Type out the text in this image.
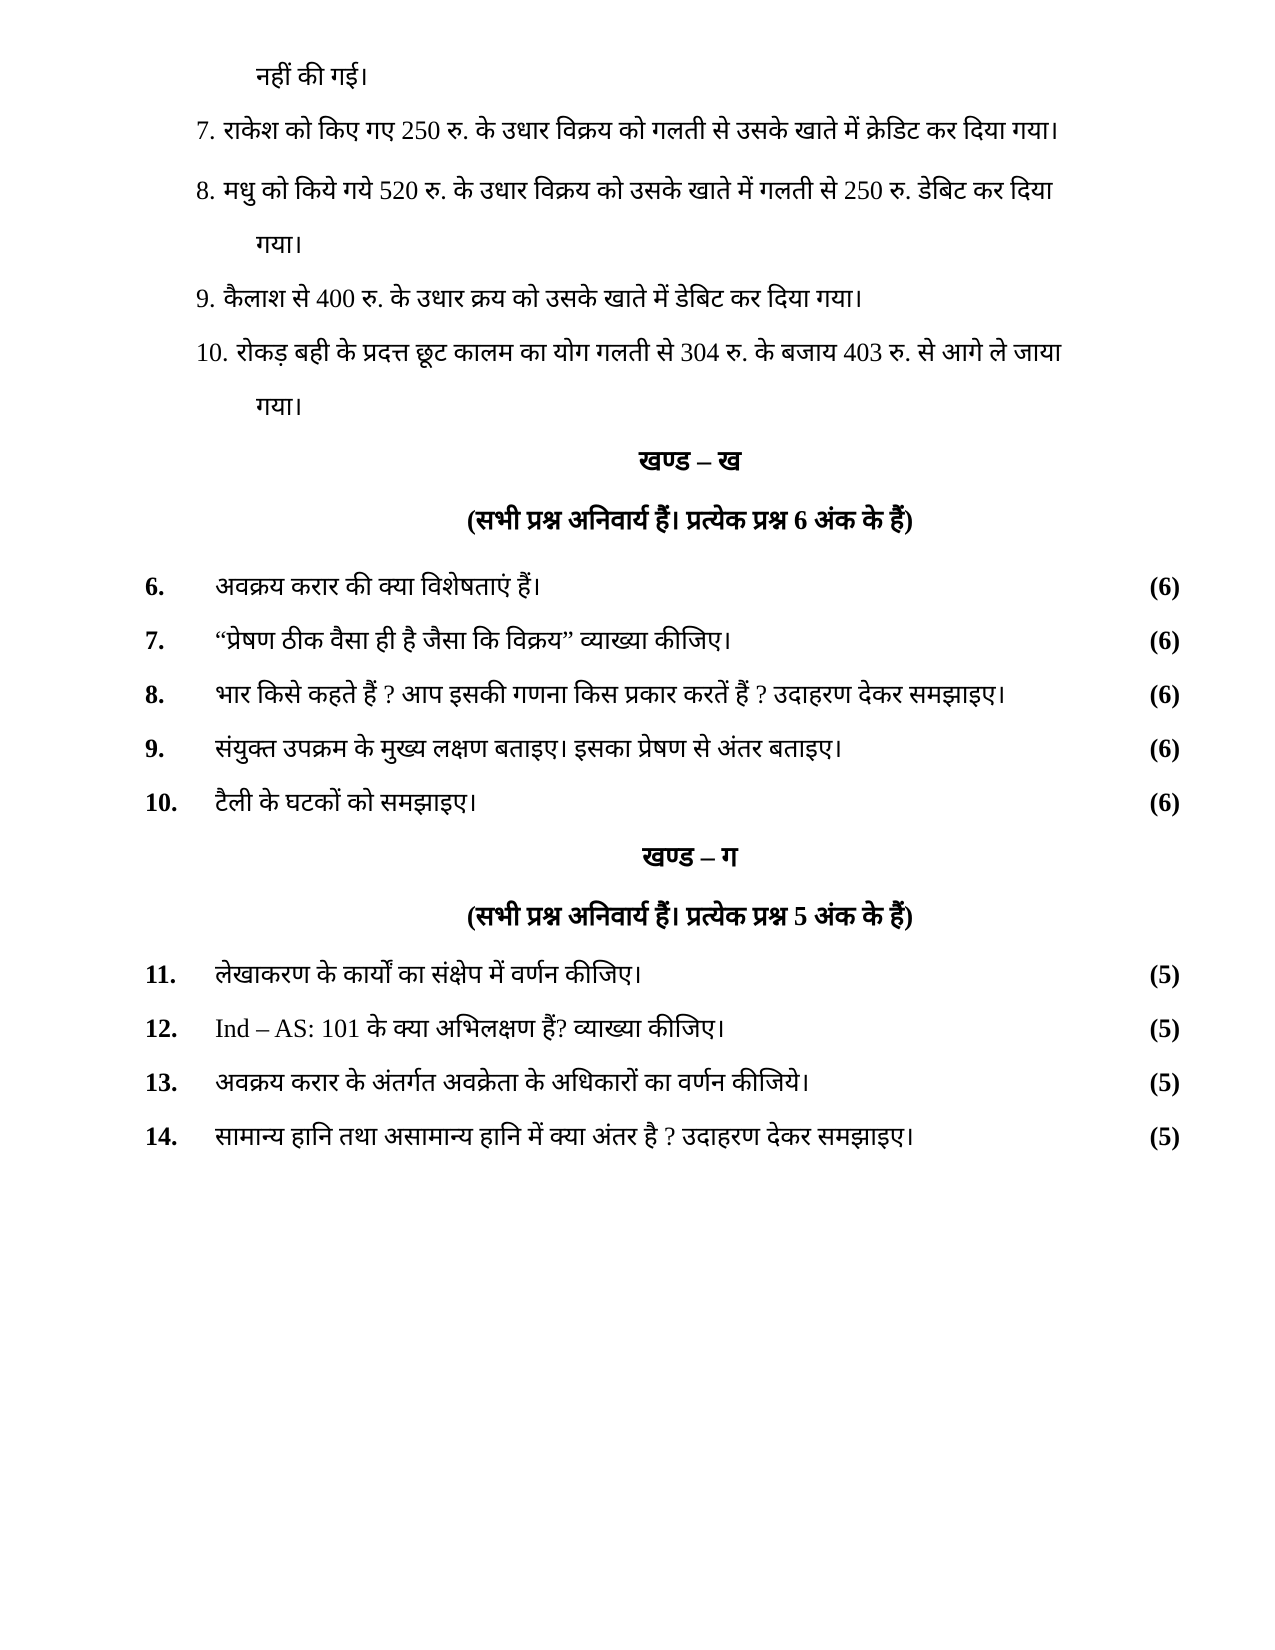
नहीं की गई।
7. राकेश को किए गए 250 रु. के उधार विक्रय को गलती से उसके खाते में क्रेडिट कर दिया गया।
8. मधु को किये गये 520 रु. के उधार विक्रय को उसके खाते में गलती से 250 रु. डेबिट कर दिया
गया।
9. कैलाश से 400 रु. के उधार क्रय को उसके खाते में डेबिट कर दिया गया।
10. रोकड़ बही के प्रदत्त छूट कालम का योग गलती से 304 रु. के बजाय 403 रु. से आगे ले जाया
गया।
खण्ड – ख
(सभी प्रश्न अनिवार्य हैं। प्रत्येक प्रश्न 6 अंक के हैं)
6. अवक्रय करार की क्या विशेषताएं हैं।	(6)
7. “प्रेषण ठीक वैसा ही है जैसा कि विक्रय” व्याख्या कीजिए।	(6)
8. भार किसे कहते हैं ? आप इसकी गणना किस प्रकार करतें हैं ? उदाहरण देकर समझाइए।	(6)
9. संयुक्त उपक्रम के मुख्य लक्षण बताइए। इसका प्रेषण से अंतर बताइए।	(6)
10. टैली के घटकों को समझाइए।	(6)
खण्ड – ग
(सभी प्रश्न अनिवार्य हैं। प्रत्येक प्रश्न 5 अंक के हैं)
11. लेखाकरण के कार्यों का संक्षेप में वर्णन कीजिए।	(5)
12. Ind – AS: 101 के क्या अभिलक्षण हैं? व्याख्या कीजिए।	(5)
13. अवक्रय करार के अंतर्गत अवक्रेता के अधिकारों का वर्णन कीजिये।	(5)
14. सामान्य हानि तथा असामान्य हानि में क्या अंतर है ? उदाहरण देकर समझाइए।	(5)
